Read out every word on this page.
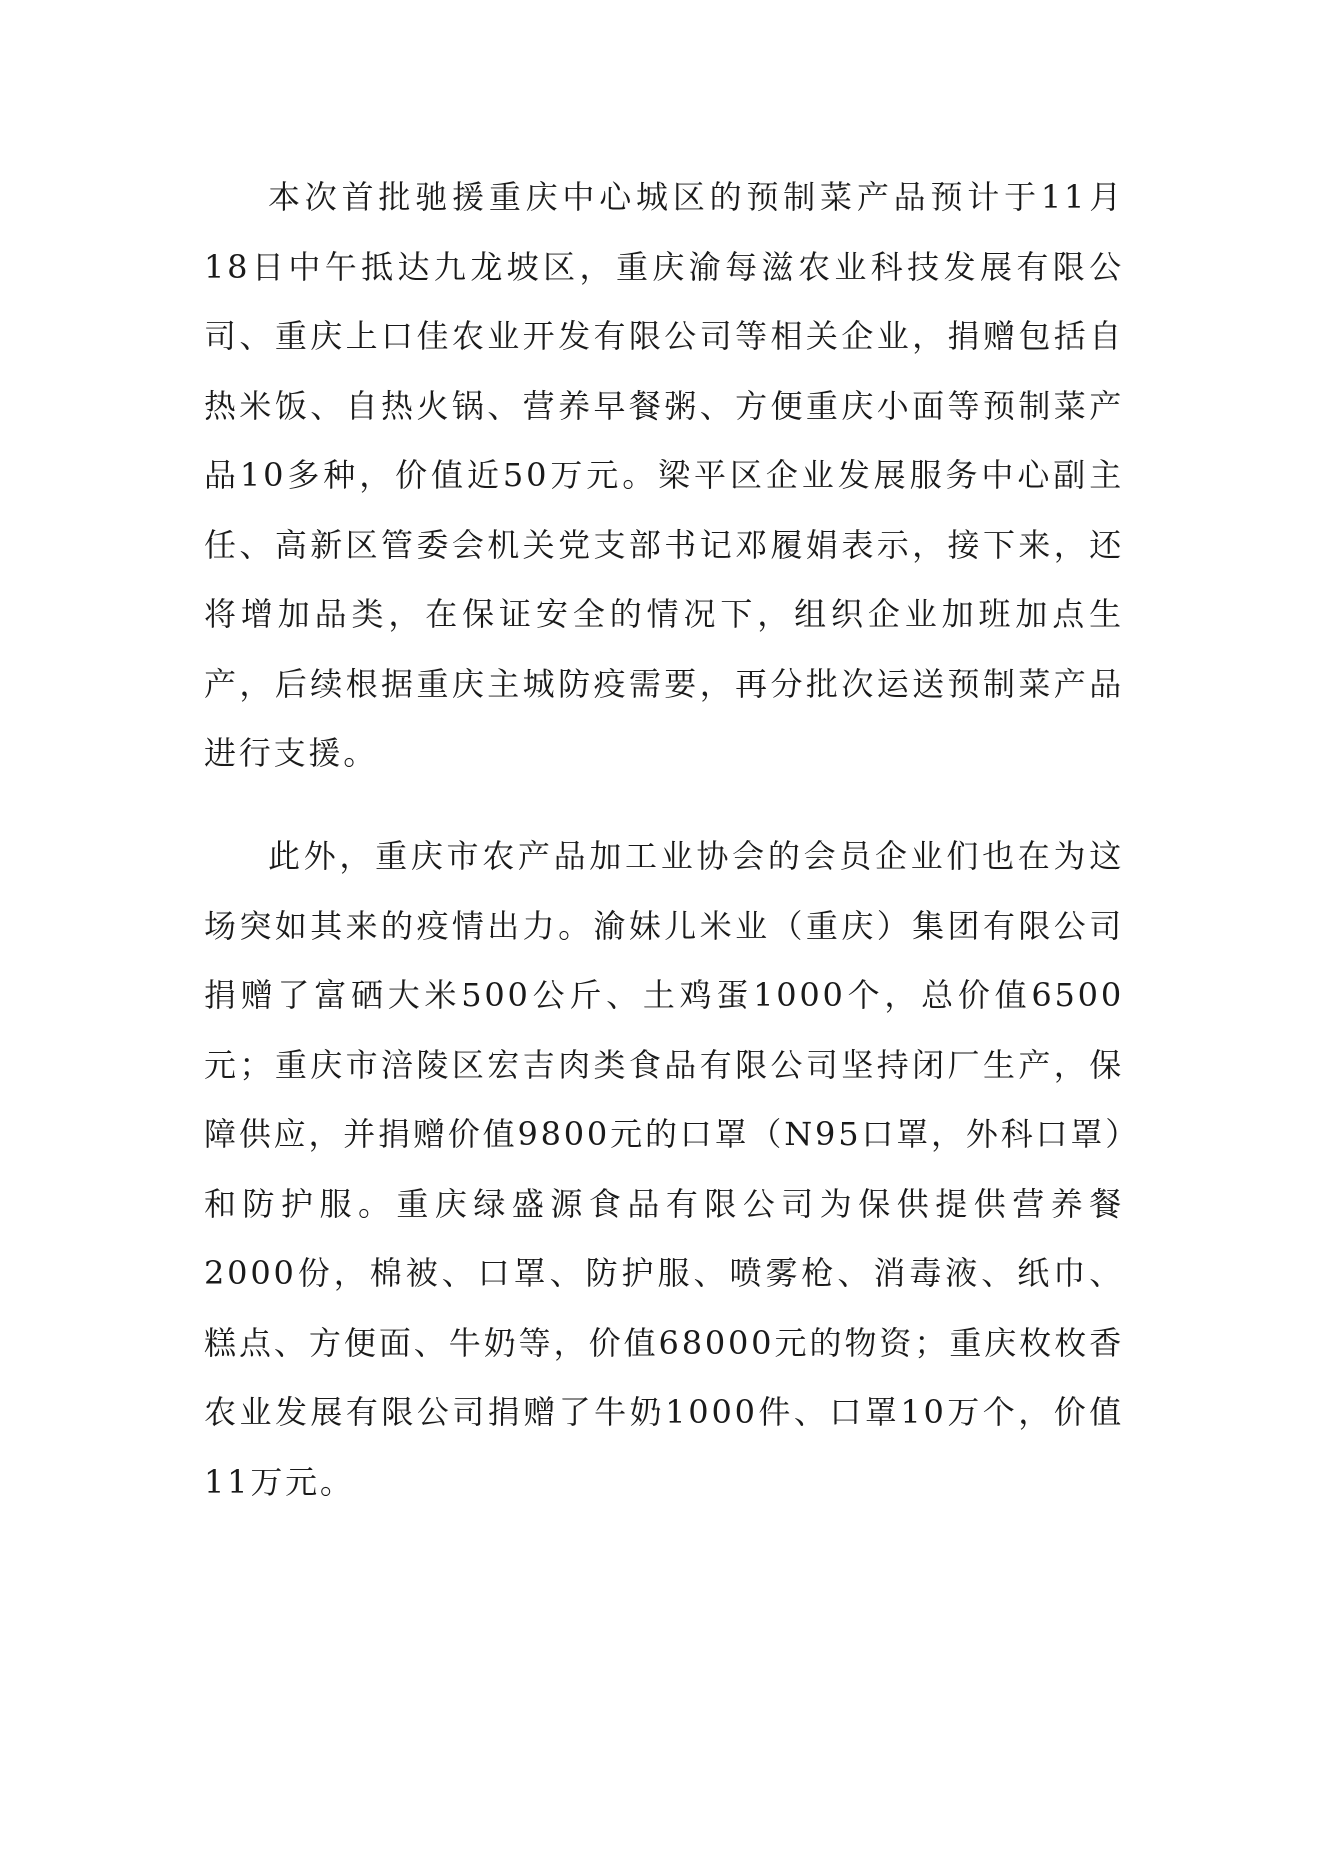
本次首批驰援重庆中心城区的预制菜产品预计于11月18日中午抵达九龙坡区，重庆渝每滋农业科技发展有限公司、重庆上口佳农业开发有限公司等相关企业，捐赠包括自热米饭、自热火锅、营养早餐粥、方便重庆小面等预制菜产品10多种，价值近50万元。梁平区企业发展服务中心副主任、高新区管委会机关党支部书记邓履娟表示，接下来，还将增加品类，在保证安全的情况下，组织企业加班加点生产，后续根据重庆主城防疫需要，再分批次运送预制菜产品进行支援。

此外，重庆市农产品加工业协会的会员企业们也在为这场突如其来的疫情出力。渝妹儿米业（重庆）集团有限公司捐赠了富硒大米500公斤、土鸡蛋1000个，总价值6500元；重庆市涪陵区宏吉肉类食品有限公司坚持闭厂生产，保障供应，并捐赠价值9800元的口罩（N95口罩，外科口罩）和防护服。重庆绿盛源食品有限公司为保供提供营养餐2000份，棉被、口罩、防护服、喷雾枪、消毒液、纸巾、糕点、方便面、牛奶等，价值68000元的物资；重庆枚枚香农业发展有限公司捐赠了牛奶1000件、口罩10万个，价值11万元。
